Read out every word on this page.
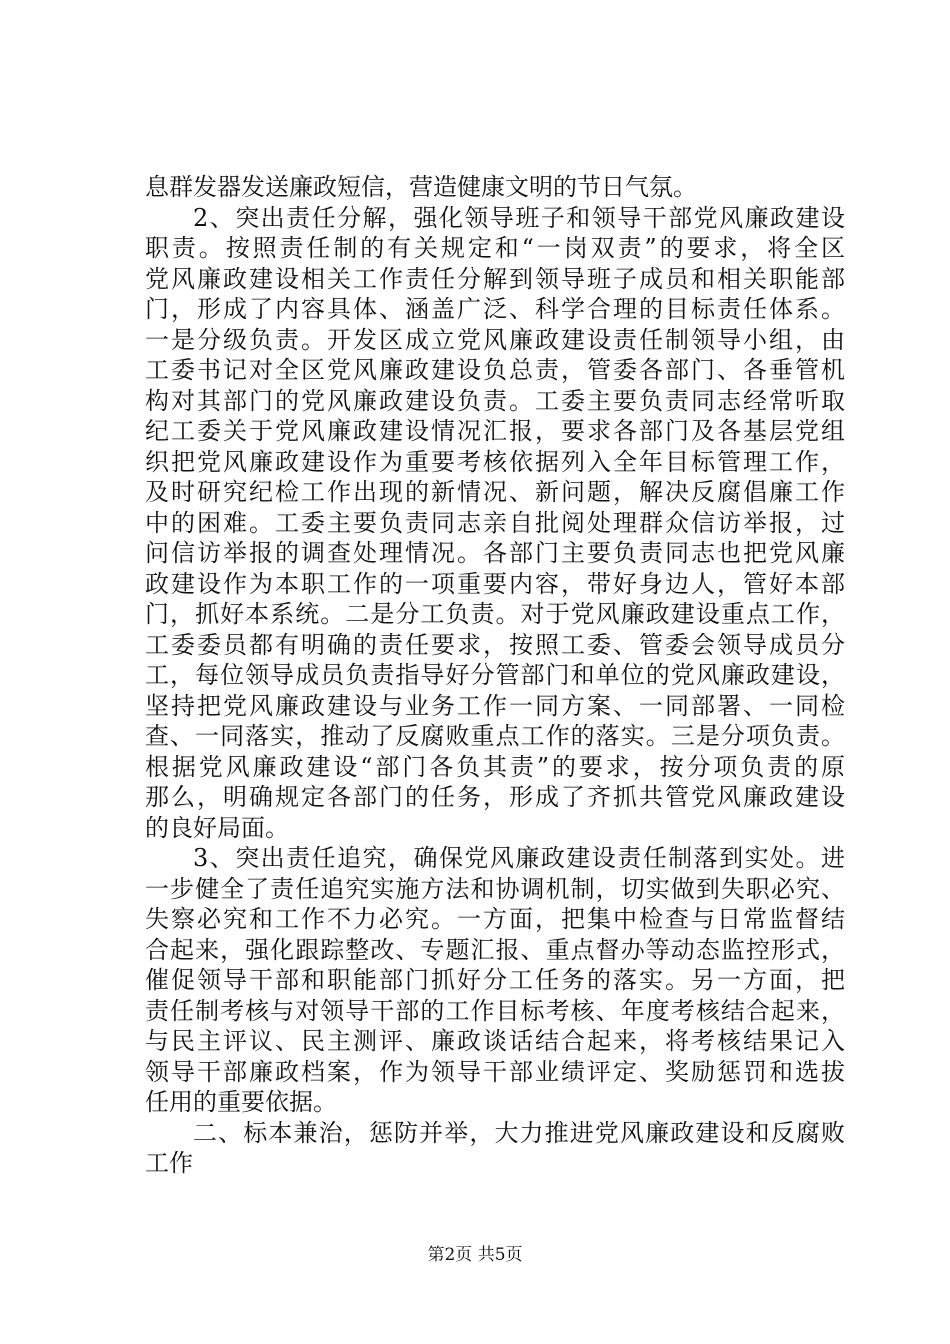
息群发器发送廉政短信，营造健康文明的节日气氛。
2、突出责任分解，强化领导班子和领导干部党风廉政建设
职责。按照责任制的有关规定和“一岗双责”的要求，将全区
党风廉政建设相关工作责任分解到领导班子成员和相关职能部
门，形成了内容具体、涵盖广泛、科学合理的目标责任体系。
一是分级负责。开发区成立党风廉政建设责任制领导小组，由
工委书记对全区党风廉政建设负总责，管委各部门、各垂管机
构对其部门的党风廉政建设负责。工委主要负责同志经常听取
纪工委关于党风廉政建设情况汇报，要求各部门及各基层党组
织把党风廉政建设作为重要考核依据列入全年目标管理工作，
及时研究纪检工作出现的新情况、新问题，解决反腐倡廉工作
中的困难。工委主要负责同志亲自批阅处理群众信访举报，过
问信访举报的调查处理情况。各部门主要负责同志也把党风廉
政建设作为本职工作的一项重要内容，带好身边人，管好本部
门，抓好本系统。二是分工负责。对于党风廉政建设重点工作，
工委委员都有明确的责任要求，按照工委、管委会领导成员分
工，每位领导成员负责指导好分管部门和单位的党风廉政建设，
坚持把党风廉政建设与业务工作一同方案、一同部署、一同检
查、一同落实，推动了反腐败重点工作的落实。三是分项负责。
根据党风廉政建设“部门各负其责”的要求，按分项负责的原
那么，明确规定各部门的任务，形成了齐抓共管党风廉政建设
的良好局面。
3、突出责任追究，确保党风廉政建设责任制落到实处。进
一步健全了责任追究实施方法和协调机制，切实做到失职必究、
失察必究和工作不力必究。一方面，把集中检查与日常监督结
合起来，强化跟踪整改、专题汇报、重点督办等动态监控形式，
催促领导干部和职能部门抓好分工任务的落实。另一方面，把
责任制考核与对领导干部的工作目标考核、年度考核结合起来，
与民主评议、民主测评、廉政谈话结合起来，将考核结果记入
领导干部廉政档案，作为领导干部业绩评定、奖励惩罚和选拔
任用的重要依据。
二、标本兼治，惩防并举，大力推进党风廉政建设和反腐败
工作
第2页 共5页
